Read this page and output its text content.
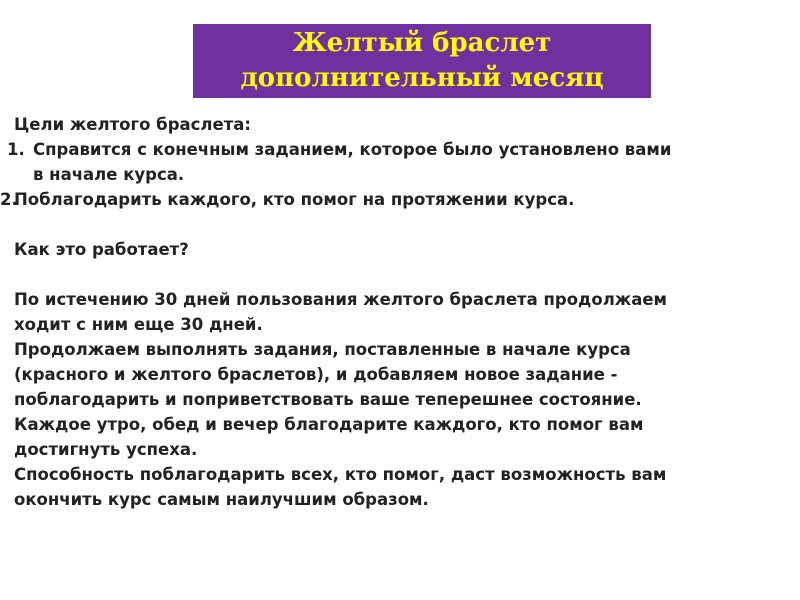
Желтый браслет
дополнительный месяц
Цели желтого браслета:
1. Справится с конечным заданием, которое было установлено вами
в начале курса.
2.
Поблагодарить каждого, кто помог на протяжении курса.
Как это работает?
По истечению 30 дней пользования желтого браслета продолжаем
ходит с ним еще 30 дней.
Продолжаем выполнять задания, поставленные в начале курса
(красного и желтого браслетов), и добавляем новое задание -
поблагодарить и поприветствовать ваше теперешнее состояние.
Каждое утро, обед и вечер благодарите каждого, кто помог вам
достигнуть успеха.
Способность поблагодарить всех, кто помог, даст возможность вам
окончить курс самым наилучшим образом.
